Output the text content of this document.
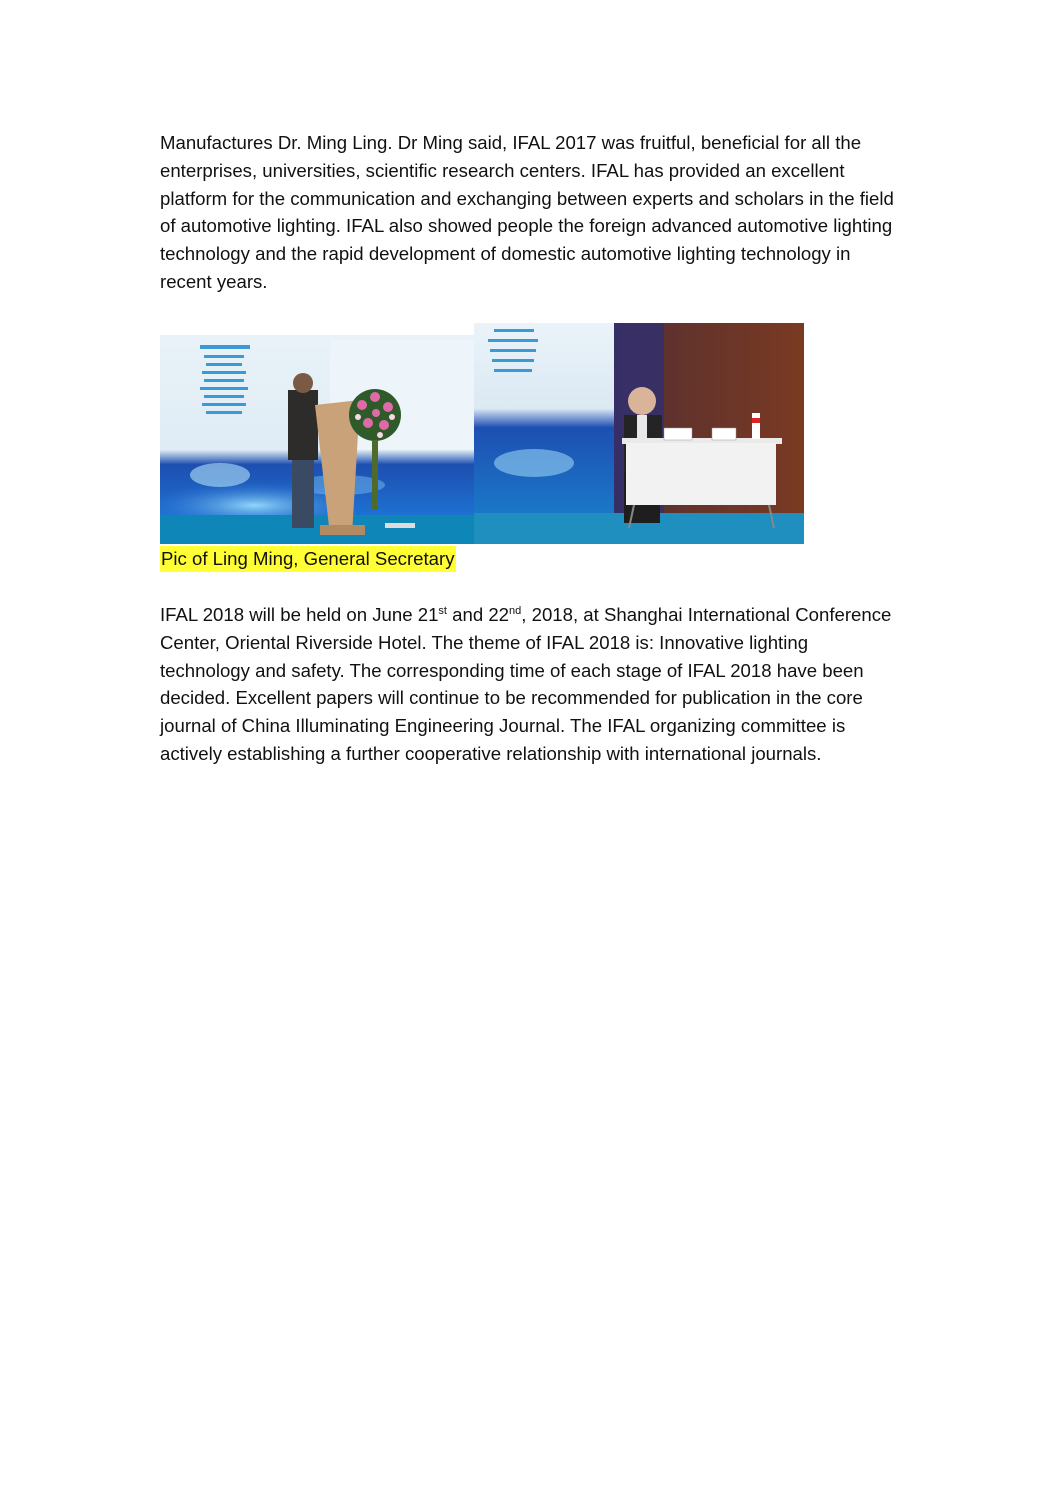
Manufactures Dr. Ming Ling. Dr Ming said, IFAL 2017 was fruitful, beneficial for all the enterprises, universities, scientific research centers. IFAL has provided an excellent platform for the communication and exchanging between experts and scholars in the field of automotive lighting. IFAL also showed people the foreign advanced automotive lighting technology and the rapid development of domestic automotive lighting technology in recent years.

Pic of Ling Ming, General Secretary

IFAL 2018 will be held on June 21st and 22nd, 2018, at Shanghai International Conference Center, Oriental Riverside Hotel. The theme of IFAL 2018 is: Innovative lighting technology and safety. The corresponding time of each stage of IFAL 2018 have been decided. Excellent papers will continue to be recommended for publication in the core journal of China Illuminating Engineering Journal. The IFAL organizing committee is actively establishing a further cooperative relationship with international journals.
